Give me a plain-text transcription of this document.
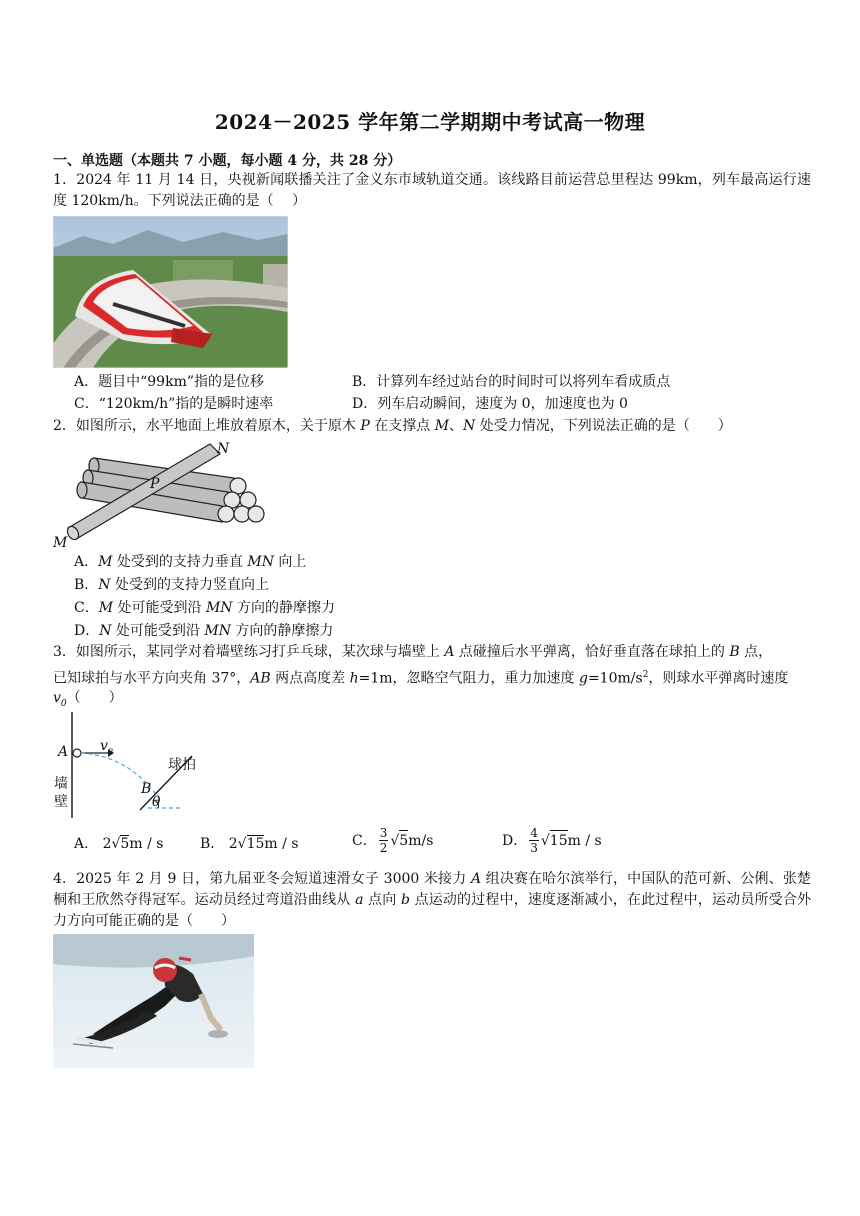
2024－2025 学年第二学期期中考试高一物理
一、单选题（本题共 7 小题，每小题 4 分，共 28 分）
1．2024 年 11 月 14 日，央视新闻联播关注了金义东市域轨道交通。该线路目前运营总里程达 99km，列车最高运行速度 120km/h。下列说法正确的是（　 ）
A．题目中“99km”指的是位移	B．计算列车经过站台的时间时可以将列车看成质点
C．“120km/h”指的是瞬时速率	D．列车启动瞬间，速度为 0，加速度也为 0
2．如图所示，水平地面上堆放着原木，关于原木 P 在支撑点 M、N 处受力情况，下列说法正确的是（　　）
N
P
M
A．M 处受到的支持力垂直 MN 向上
B．N 处受到的支持力竖直向上
C．M 处可能受到沿 MN 方向的静摩擦力
D．N 处可能受到沿 MN 方向的静摩擦力
3．如图所示，某同学对着墙壁练习打乒乓球，某次球与墙壁上 A 点碰撞后水平弹离，恰好垂直落在球拍上的 B 点，
已知球拍与水平方向夹角 37°，AB 两点高度差 h=1m，忽略空气阻力，重力加速度 $g=10m/s^2$，则球水平弹离时速度
$v_0$（　　）
A $v_0$
球拍
墙
壁
B
θ
A． 2√5m / s	B． 2√15m / s	C． 3
2 √ 5 m/s	D． 4
3 √ 15 m / s
4．2025 年 2 月 9 日，第九届亚冬会短道速滑女子 3000 米接力 A 组决赛在哈尔滨举行，中国队的范可新、公俐、张楚桐和王欣然夺得冠军。运动员经过弯道沿曲线从 a 点向 b 点运动的过程中，速度逐渐减小，在此过程中，运动员所受合外力方向可能正确的是（　　）
